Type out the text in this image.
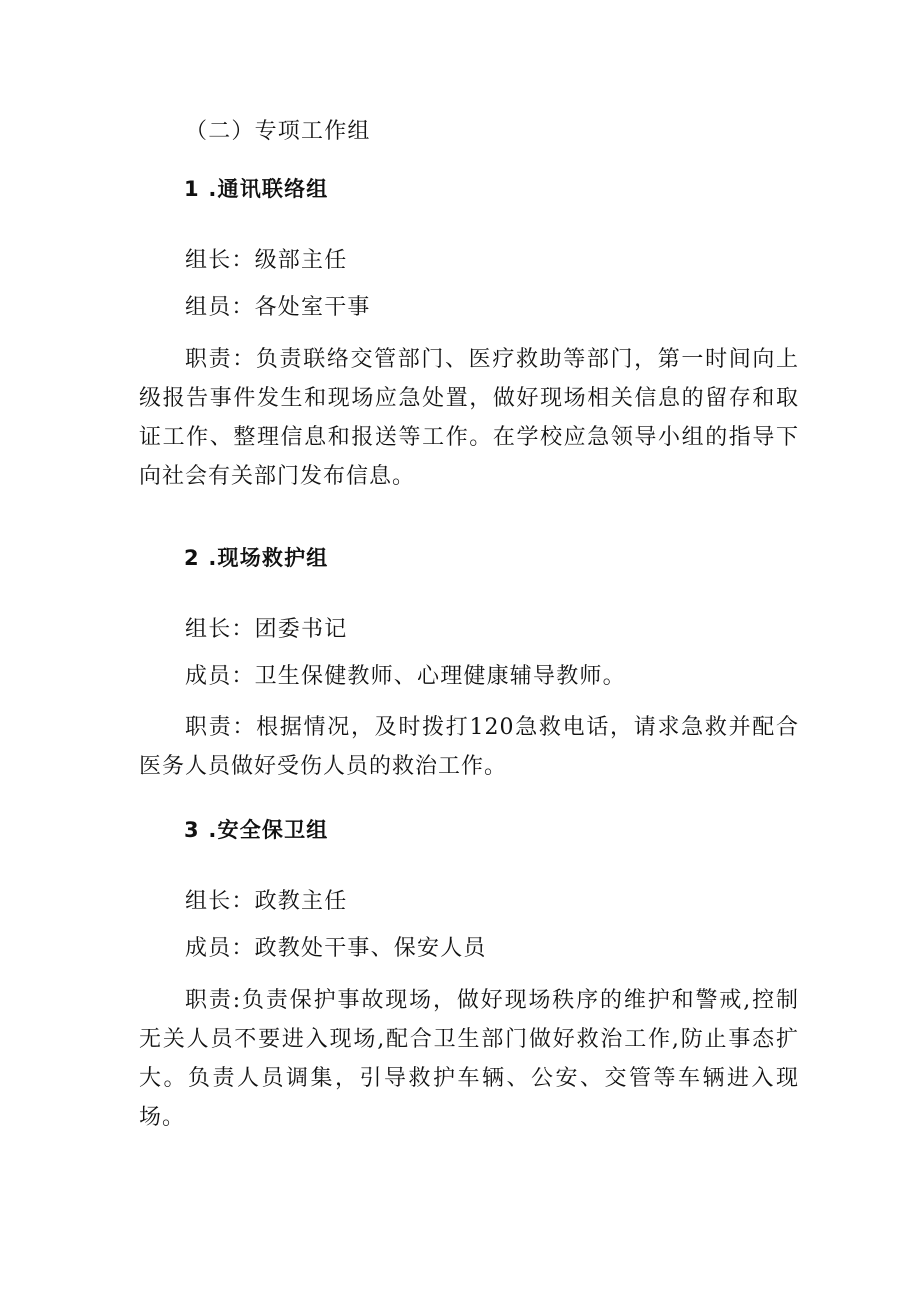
（二）专项工作组
1 .通讯联络组
组长：级部主任
组员：各处室干事
职责：负责联络交管部门、医疗救助等部门，第一时间向上级报告事件发生和现场应急处置，做好现场相关信息的留存和取证工作、整理信息和报送等工作。在学校应急领导小组的指导下向社会有关部门发布信息。
2 .现场救护组
组长：团委书记
成员：卫生保健教师、心理健康辅导教师。
职责：根据情况，及时拨打120急救电话，请求急救并配合医务人员做好受伤人员的救治工作。
3 .安全保卫组
组长：政教主任
成员：政教处干事、保安人员
职责:负责保护事故现场，做好现场秩序的维护和警戒,控制无关人员不要进入现场,配合卫生部门做好救治工作,防止事态扩大。负责人员调集，引导救护车辆、公安、交管等车辆进入现场。
